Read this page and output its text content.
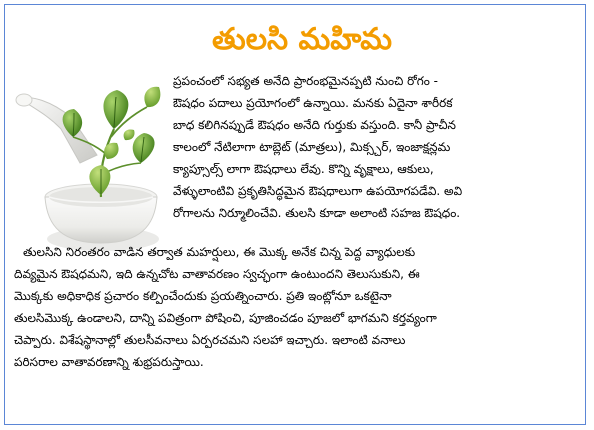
తులసి మహిమ
ప్రపంచంలో సభ్యత అనేది ప్రారంభమైనప్పటి నుంచి రోగం -
ఔషధం పదాలు ప్రయోగంలో ఉన్నాయి. మనకు ఏదైనా శారీరక
బాధ కలిగినప్పుడే ఔషధం అనేది గుర్తుకు వస్తుంది. కానీ ప్రాచీన
కాలంలో నేటిలాగా టాబ్లెట్ (మాత్రలు), మిక్స్చర్, ఇంజాక్షన్లమ
క్యాప్సూల్స్ లాగా ఔషధాలు లేవు. కొన్ని వృక్షాలు, ఆకులు,
వేళ్ళులాంటివి ప్రకృతిసిద్ధమైన ఔషధాలుగా ఉపయోగపడేవి. అవి
రోగాలను నిర్మూలించేవి. తులసి కూడా అలాంటి సహజ ఔషధం.
తులసిని నిరంతరం వాడిన తర్వాత మహర్షులు, ఈ మొక్క అనేక చిన్న పెద్ద వ్యాధులకు
దివ్యమైన ఔషధమని, ఇది ఉన్నచోట వాతావరణం స్వచ్ఛంగా ఉంటుందని తెలుసుకుని, ఈ
మొక్కకు అధికాధిక ప్రచారం కల్పించేందుకు ప్రయత్నించారు. ప్రతి ఇంట్లోనూ ఒకటైనా
తులసిమొక్క ఉండాలని, దాన్ని పవిత్రంగా పోషించి, పూజించడం పూజలో భాగమని కర్తవ్యంగా
చెప్పారు. విశేషస్థానాల్లో తులసీవనాలు ఏర్పరచమని సలహా ఇచ్చారు. ఇలాంటి వనాలు
పరిసరాల వాతావరణాన్ని శుభ్రపరుస్తాయి.
